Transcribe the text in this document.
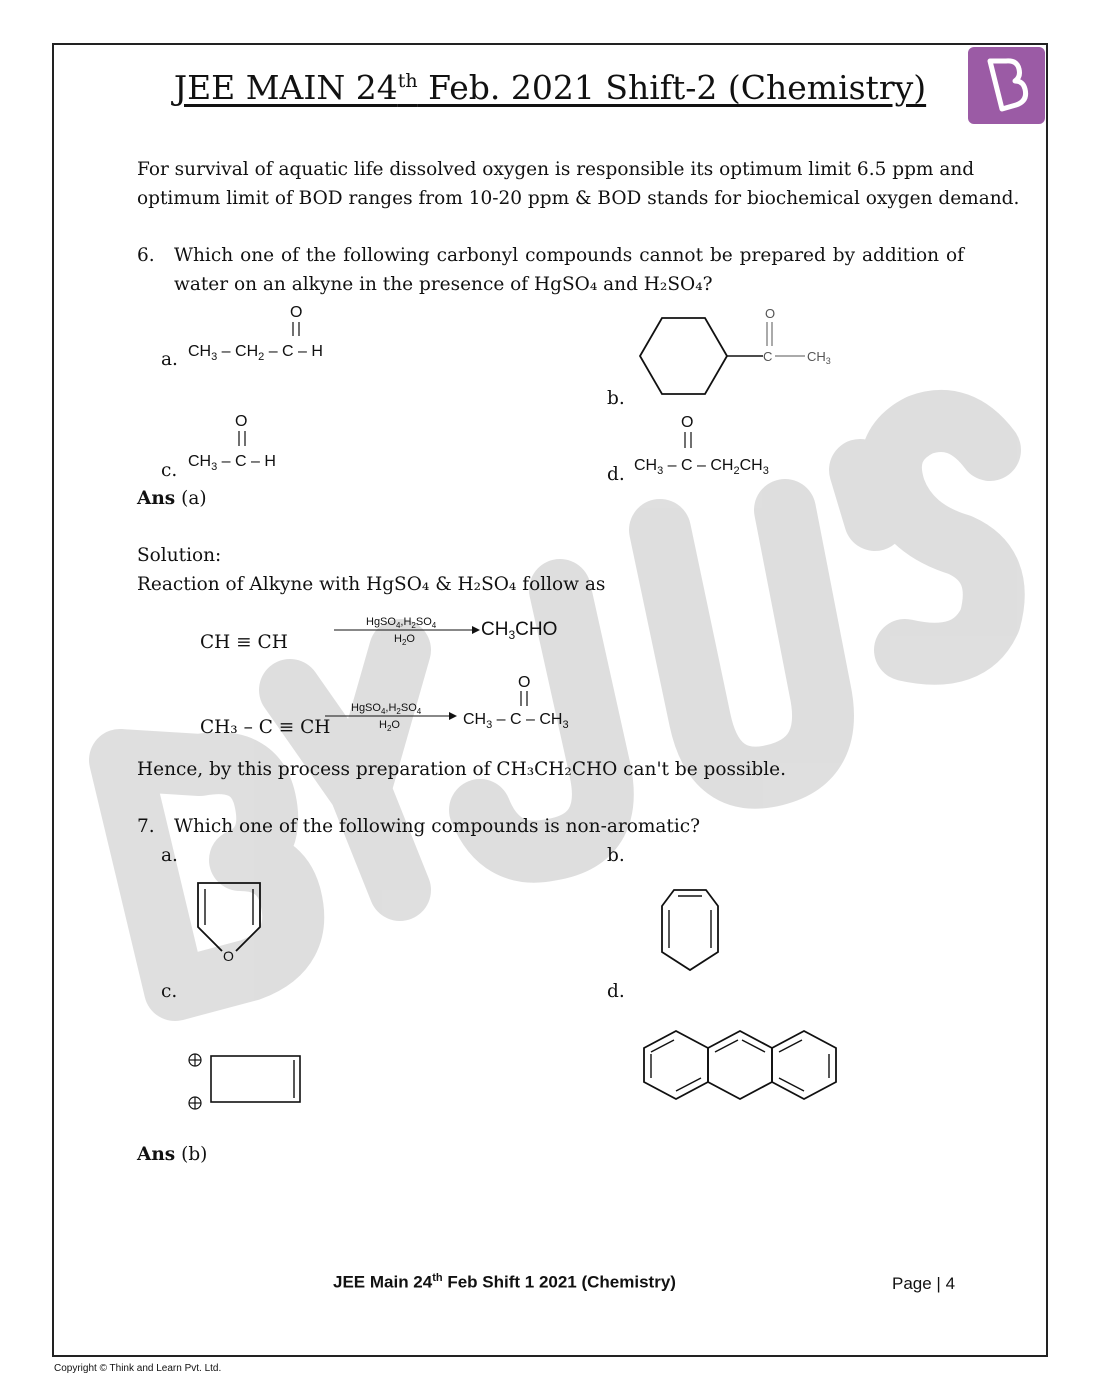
JEE MAIN 24th Feb. 2021 Shift-2 (Chemistry)
For survival of aquatic life dissolved oxygen is responsible its optimum limit 6.5 ppm and
optimum limit of BOD ranges from 10-20 ppm & BOD stands for biochemical oxygen demand.
6. Which one of the following carbonyl compounds cannot be prepared by addition of
water on an alkyne in the presence of HgSO₄ and H₂SO₄?
a.
O
$CH_3 - CH_2$ – C – H
O
C	$CH_3$
b.
c.
O
$CH_3$ – C – H
d.
O
$CH_3$ – C – $CH_2CH_3$
Ans (a)
Solution:
Reaction of Alkyne with HgSO₄ & H₂SO₄ follow as
CH ≡ CH
$HgSO_4,H_2SO_4$
$H_2O$	$CH_3CHO$
CH₃ – C ≡ CH
$HgSO_4,H_2SO_4$
$H_2O$
O
$CH_3$ – C – $CH_3$
Hence, by this process preparation of CH₃CH₂CHO can't be possible.
7. Which one of the following compounds is non-aromatic?
a.	b.
O
c.	d.
Ans (b)
JEE Main 24th Feb Shift 1 2021 (Chemistry)	Page | 4
Copyright © Think and Learn Pvt. Ltd.
